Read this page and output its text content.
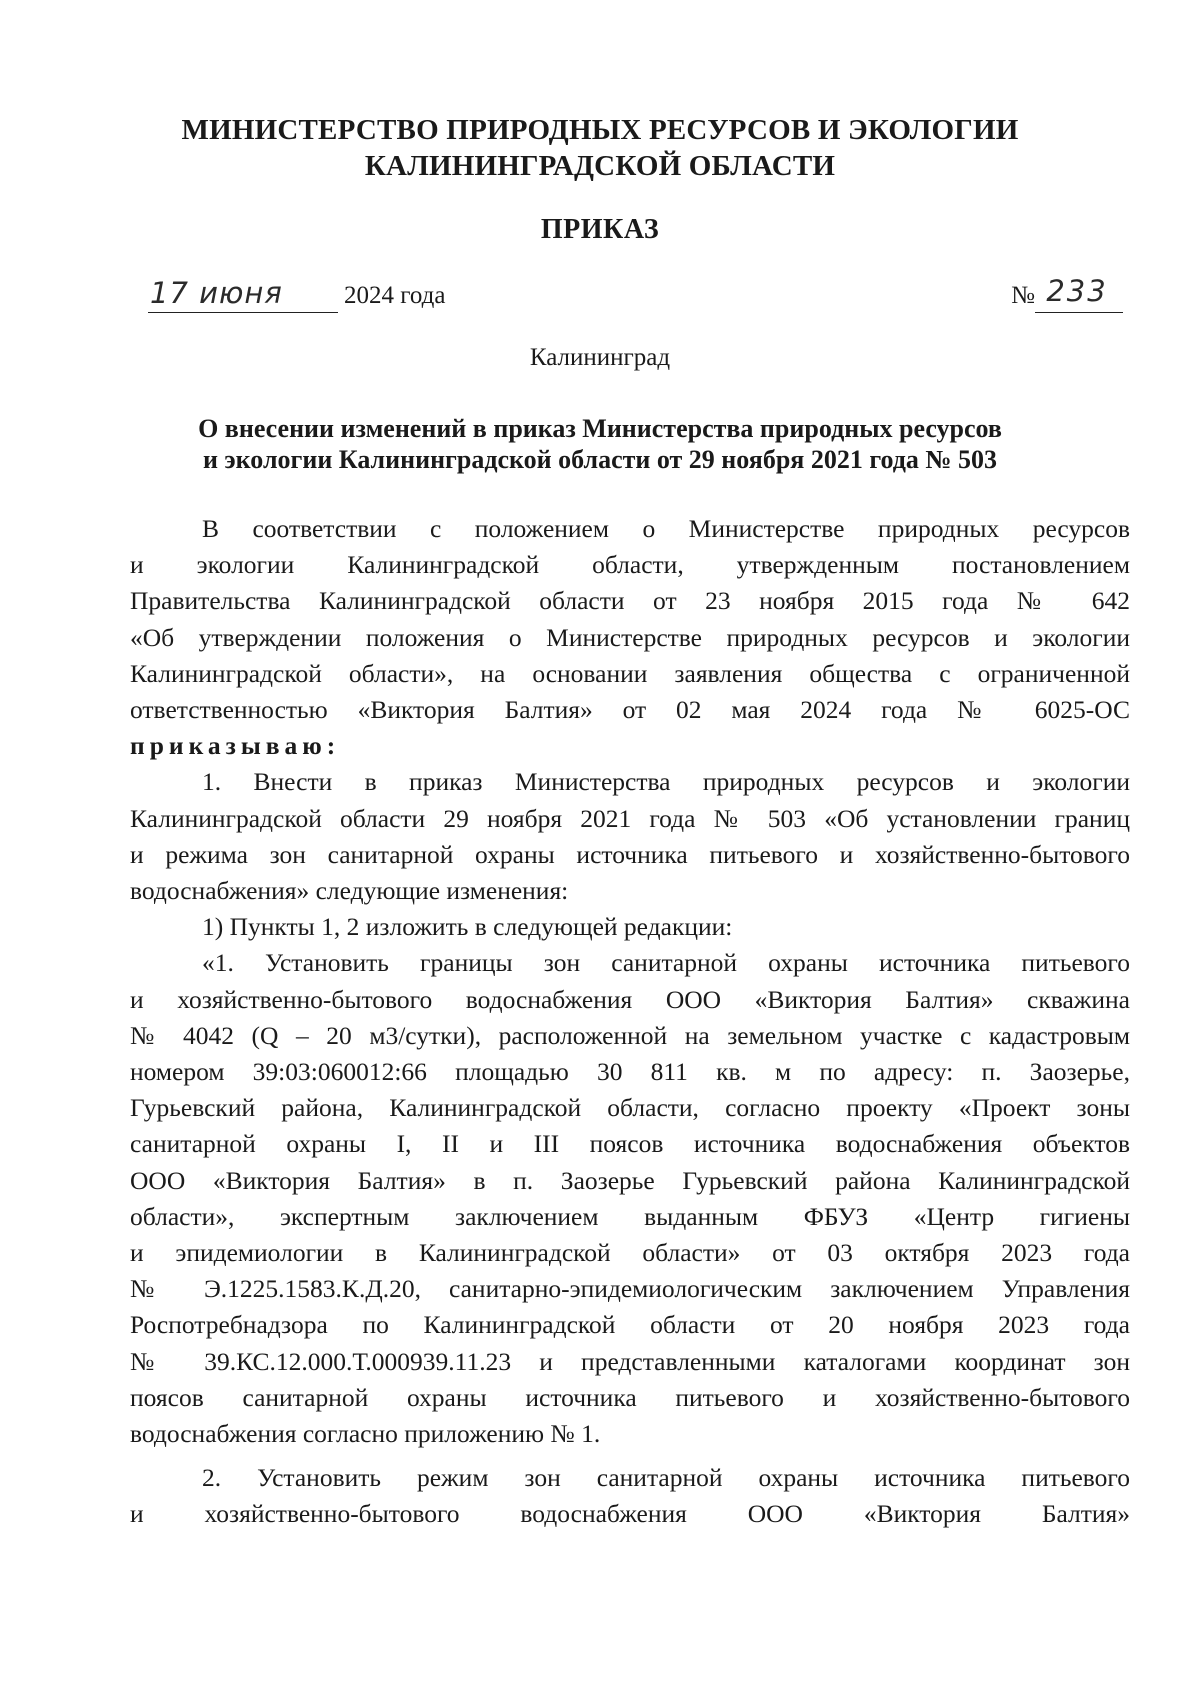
МИНИСТЕРСТВО ПРИРОДНЫХ РЕСУРСОВ И ЭКОЛОГИИ
КАЛИНИНГРАДСКОЙ ОБЛАСТИ
ПРИКАЗ
17 июня	2024 года	№ 233
Калининград
О внесении изменений в приказ Министерства природных ресурсов
и экологии Калининградской области от 29 ноября 2021 года № 503

В соответствии с положением о Министерстве природных ресурсов

и экологии Калининградской области, утвержденным постановлением

Правительства Калининградской области от 23 ноября 2015 года № 642

«Об утверждении положения о Министерстве природных ресурсов и экологии

Калининградской области», на основании заявления общества с ограниченной

ответственностью «Виктория Балтия» от 02 мая 2024 года № 6025-ОС

приказываю:

1. Внести в приказ Министерства природных ресурсов и экологии

Калининградской области 29 ноября 2021 года № 503 «Об установлении границ

и режима зон санитарной охраны источника питьевого и хозяйственно-бытового

водоснабжения» следующие изменения:

1) Пункты 1, 2 изложить в следующей редакции:

«1. Установить границы зон санитарной охраны источника питьевого

и хозяйственно-бытового водоснабжения ООО «Виктория Балтия» скважина

№ 4042 (Q – 20 м3/сутки), расположенной на земельном участке с кадастровым

номером 39:03:060012:66 площадью 30 811 кв. м по адресу: п. Заозерье,

Гурьевский района, Калининградской области, согласно проекту «Проект зоны

санитарной охраны I, II и III поясов источника водоснабжения объектов

ООО «Виктория Балтия» в п. Заозерье Гурьевский района Калининградской

области», экспертным заключением выданным ФБУЗ «Центр гигиены

и эпидемиологии в Калининградской области» от 03 октября 2023 года

№ Э.1225.1583.К.Д.20, санитарно-эпидемиологическим заключением Управления

Роспотребнадзора по Калининградской области от 20 ноября 2023 года

№ 39.КС.12.000.Т.000939.11.23 и представленными каталогами координат зон

поясов санитарной охраны источника питьевого и хозяйственно-бытового

водоснабжения согласно приложению № 1.

2. Установить режим зон санитарной охраны источника питьевого

и хозяйственно-бытового водоснабжения ООО «Виктория Балтия»
